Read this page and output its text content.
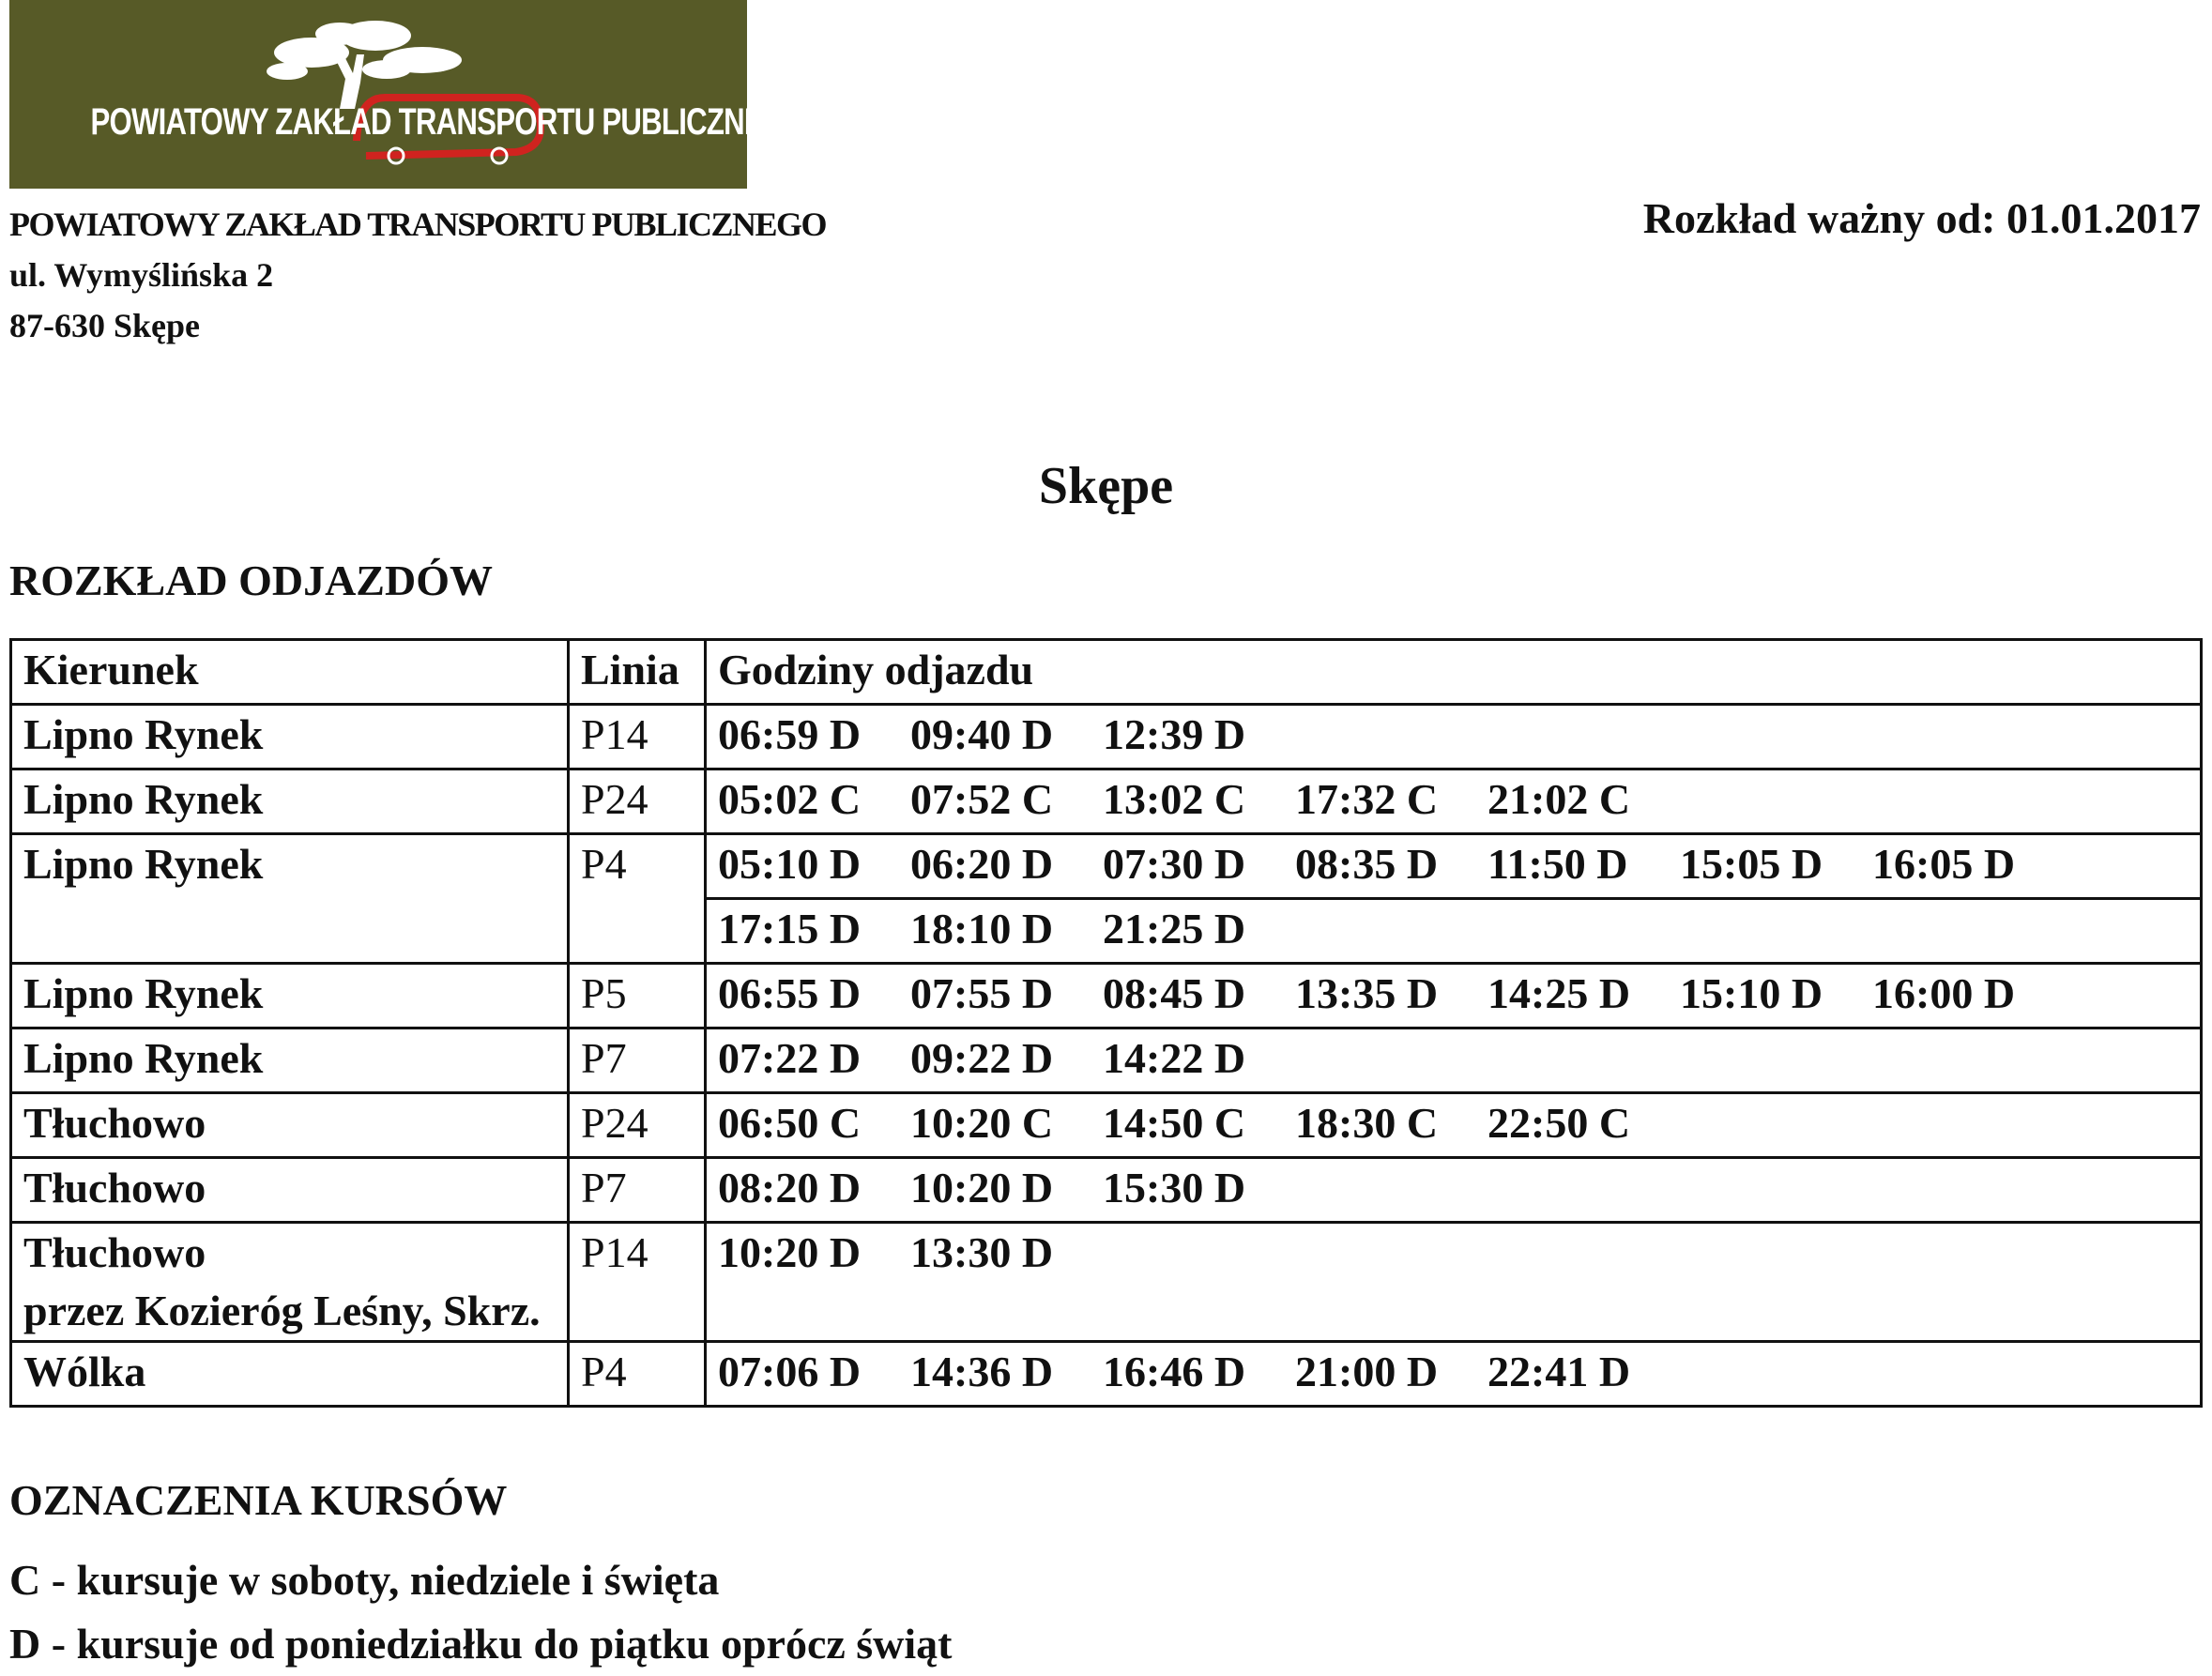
POWIATOWY ZAKŁAD TRANSPORTU PUBLICZNEGO
POWIATOWY ZAKŁAD TRANSPORTU PUBLICZNEGO
ul. Wymyślińska 2
87-630 Skępe
Rozkład ważny od: 01.01.2017
Skępe
ROZKŁAD ODJAZDÓW
Kierunek	Linia	Godziny odjazdu

Lipno Rynek	P14	06:59 D 09:40 D 12:39 D

Lipno Rynek	P24	05:02 C 07:52 C 13:02 C 17:32 C 21:02 C

Lipno Rynek	P4	05:10 D 06:20 D 07:30 D 08:35 D 11:50 D 15:05 D 16:05 D
		17:15 D 18:10 D 21:25 D

Lipno Rynek	P5	06:55 D 07:55 D 08:45 D 13:35 D 14:25 D 15:10 D 16:00 D

Lipno Rynek	P7	07:22 D 09:22 D 14:22 D

Tłuchowo	P24	06:50 C 10:20 C 14:50 C 18:30 C 22:50 C

Tłuchowo	P7	08:20 D 10:20 D 15:30 D

Tłuchowo
przez Kozieróg Leśny, Skrz.	P14	10:20 D 13:30 D

Wólka	P4	07:06 D 14:36 D 16:46 D 21:00 D 22:41 D
OZNACZENIA KURSÓW
C - kursuje w soboty, niedziele i święta
D - kursuje od poniedziałku do piątku oprócz świąt
